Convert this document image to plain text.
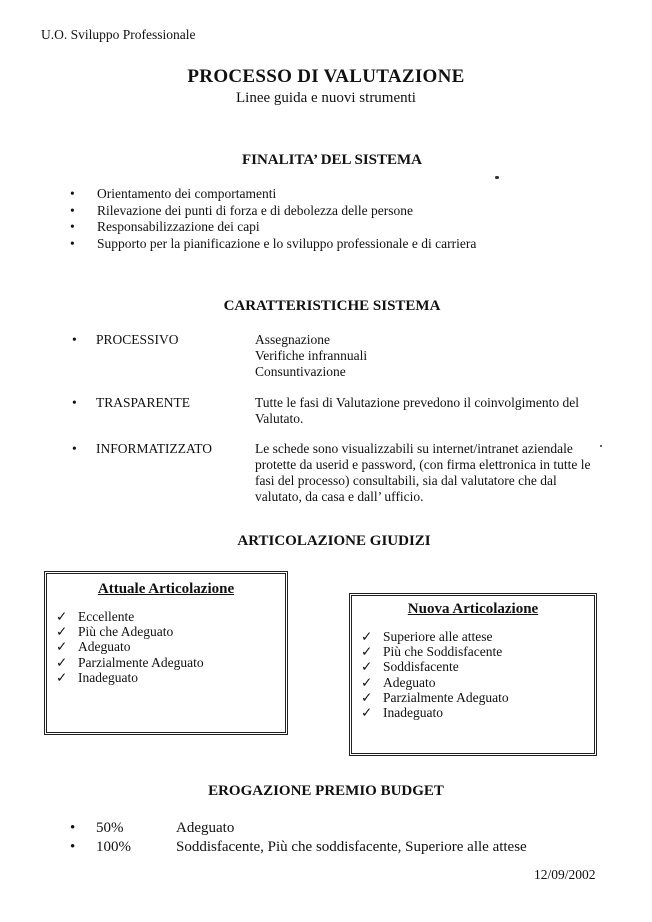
U.O. Sviluppo Professionale
PROCESSO DI VALUTAZIONE
Linee guida e nuovi strumenti
FINALITA’ DEL SISTEMA
• Orientamento dei comportamenti
• Rilevazione dei punti di forza e di debolezza delle persone
• Responsabilizzazione dei capi
• Supporto per la pianificazione e lo sviluppo professionale e di carriera
CARATTERISTICHE SISTEMA
• PROCESSIVO	Assegnazione
Verifiche infrannuali
Consuntivazione
• TRASPARENTE	Tutte le fasi di Valutazione prevedono il coinvolgimento del
Valutato.
• INFORMATIZZATO	Le schede sono visualizzabili su internet/intranet aziendale
protette da userid e password, (con firma elettronica in tutte le
fasi del processo) consultabili, sia dal valutatore che dal
valutato, da casa e dall’ ufficio.
ARTICOLAZIONE GIUDIZI
Attuale Articolazione
✓ Eccellente
✓ Più che Adeguato
✓ Adeguato
✓ Parzialmente Adeguato
✓ Inadeguato
Nuova Articolazione
✓ Superiore alle attese
✓ Più che Soddisfacente
✓ Soddisfacente
✓ Adeguato
✓ Parzialmente Adeguato
✓ Inadeguato
EROGAZIONE PREMIO BUDGET
• 50%	Adeguato
• 100%	Soddisfacente, Più che soddisfacente, Superiore alle attese
12/09/2002
